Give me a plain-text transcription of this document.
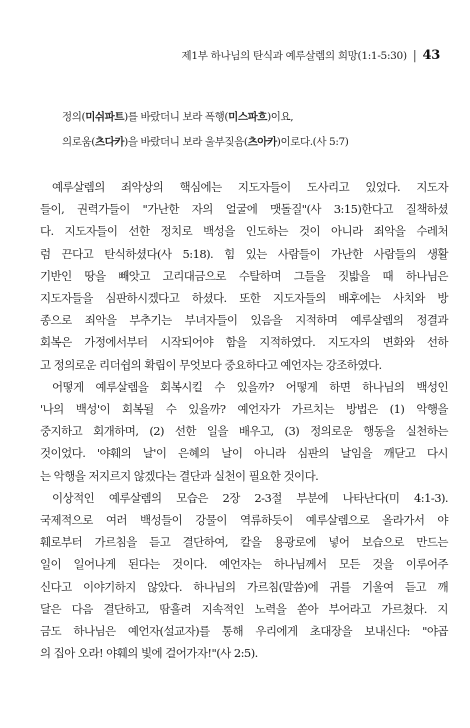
제1부 하나님의 탄식과 예루살렘의 희망(1:1-5:30) | 43

정의(미쉬파트)를 바랐더니 보라 폭행(미스파흐)이요,

의로움(츠다카)을 바랐더니 보라 울부짖음(츠아카)이로다.(사 5:7)

예루살렘의 죄악상의 핵심에는 지도자들이 도사리고 있었다. 지도자
들이, 권력가들이 "가난한 자의 얼굴에 맷돌질"(사 3:15)한다고 질책하셨
다. 지도자들이 선한 정치로 백성을 인도하는 것이 아니라 죄악을 수레처
럼 끈다고 탄식하셨다(사 5:18). 힘 있는 사람들이 가난한 사람들의 생활
기반인 땅을 빼앗고 고리대금으로 수탈하며 그들을 짓밟을 때 하나님은
지도자들을 심판하시겠다고 하셨다. 또한 지도자들의 배후에는 사치와 방
종으로 죄악을 부추기는 부녀자들이 있음을 지적하며 예루살렘의 정결과
회복은 가정에서부터 시작되어야 함을 지적하였다. 지도자의 변화와 선하
고 정의로운 리더쉽의 확립이 무엇보다 중요하다고 예언자는 강조하였다.

어떻게 예루살렘을 회복시킬 수 있을까? 어떻게 하면 하나님의 백성인
'나의 백성'이 회복될 수 있을까? 예언자가 가르치는 방법은 (1) 악행을
중지하고 회개하며, (2) 선한 일을 배우고, (3) 정의로운 행동을 실천하는
것이었다. '야훼의 날'이 은혜의 날이 아니라 심판의 날임을 깨닫고 다시
는 악행을 저지르지 않겠다는 결단과 실천이 필요한 것이다.

이상적인 예루살렘의 모습은 2장 2-3절 부분에 나타난다(미 4:1-3).
국제적으로 여러 백성들이 강물이 역류하듯이 예루살렘으로 올라가서 야
훼로부터 가르침을 듣고 결단하여, 칼을 용광로에 넣어 보습으로 만드는
일이 일어나게 된다는 것이다. 예언자는 하나님께서 모든 것을 이루어주
신다고 이야기하지 않았다. 하나님의 가르침(말씀)에 귀를 기울여 듣고 깨
달은 다음 결단하고, 땀흘려 지속적인 노력을 쏟아 부어라고 가르쳤다. 지
금도 하나님은 예언자(설교자)를 통해 우리에게 초대장을 보내신다: "야곱
의 집아 오라! 야훼의 빛에 걸어가자!"(사 2:5).
